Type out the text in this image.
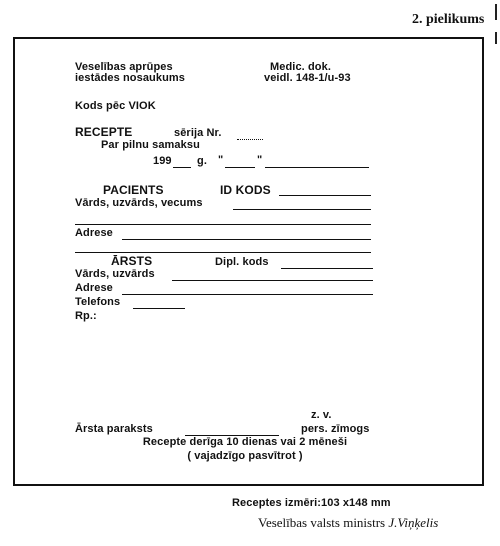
2. pielikums
Veselības aprūpes
iestādes nosaukums
Medic. dok.
veidl. 148-1/u-93
Kods pēc VIOK
RECEPTE	sērija Nr.
Par pilnu samaksu
199 g. "	"
PACIENTS	ID KODS
Vārds, uzvārds, vecums
Adrese
ĀRSTS	Dipl. kods
Vārds, uzvārds
Adrese
Telefons
Rp.:
z. v.
Ārsta paraksts	pers. zīmogs
Recepte derīga 10 dienas vai 2 mēneši
( vajadzīgo pasvītrot )
Receptes izmēri:103 x148 mm
Veselības valsts ministrs J.Viņķelis
